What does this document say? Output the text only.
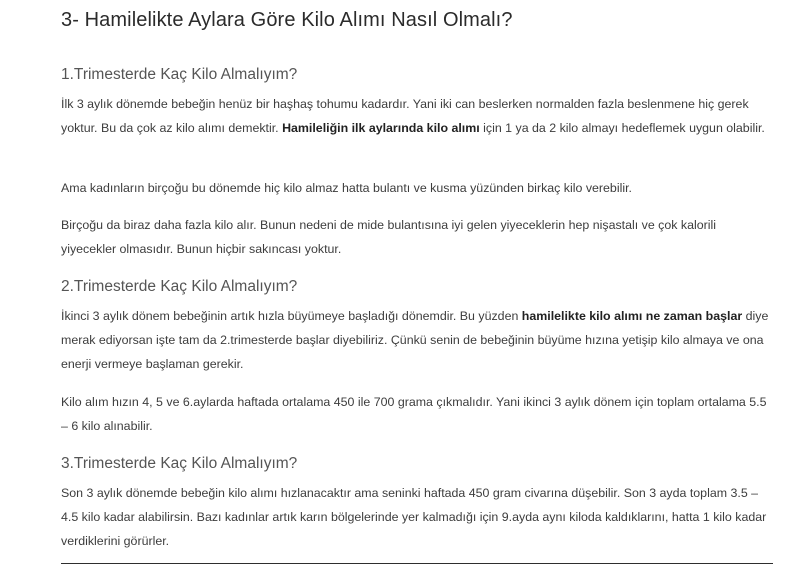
3- Hamilelikte Aylara Göre Kilo Alımı Nasıl Olmalı?
1.Trimesterde Kaç Kilo Almalıyım?

İlk 3 aylık dönemde bebeğin henüz bir haşhaş tohumu kadardır. Yani iki can beslerken normalden fazla beslenmene hiç gerek yoktur. Bu da çok az kilo alımı demektir. Hamileliğin ilk aylarında kilo alımı için 1 ya da 2 kilo almayı hedeflemek uygun olabilir.

Ama kadınların birçoğu bu dönemde hiç kilo almaz hatta bulantı ve kusma yüzünden birkaç kilo verebilir.

Birçoğu da biraz daha fazla kilo alır. Bunun nedeni de mide bulantısına iyi gelen yiyeceklerin hep nişastalı ve çok kalorili yiyecekler olmasıdır. Bunun hiçbir sakıncası yoktur.

2.Trimesterde Kaç Kilo Almalıyım?

İkinci 3 aylık dönem bebeğinin artık hızla büyümeye başladığı dönemdir. Bu yüzden hamilelikte kilo alımı ne zaman başlar diye merak ediyorsan işte tam da 2.trimesterde başlar diyebiliriz. Çünkü senin de bebeğinin büyüme hızına yetişip kilo almaya ve ona enerji vermeye başlaman gerekir.

Kilo alım hızın 4, 5 ve 6.aylarda haftada ortalama 450 ile 700 grama çıkmalıdır. Yani ikinci 3 aylık dönem için toplam ortalama 5.5 – 6 kilo alınabilir.

3.Trimesterde Kaç Kilo Almalıyım?

Son 3 aylık dönemde bebeğin kilo alımı hızlanacaktır ama seninki haftada 450 gram civarına düşebilir. Son 3 ayda toplam 3.5 – 4.5 kilo kadar alabilirsin. Bazı kadınlar artık karın bölgelerinde yer kalmadığı için 9.ayda aynı kiloda kaldıklarını, hatta 1 kilo kadar verdiklerini görürler.
